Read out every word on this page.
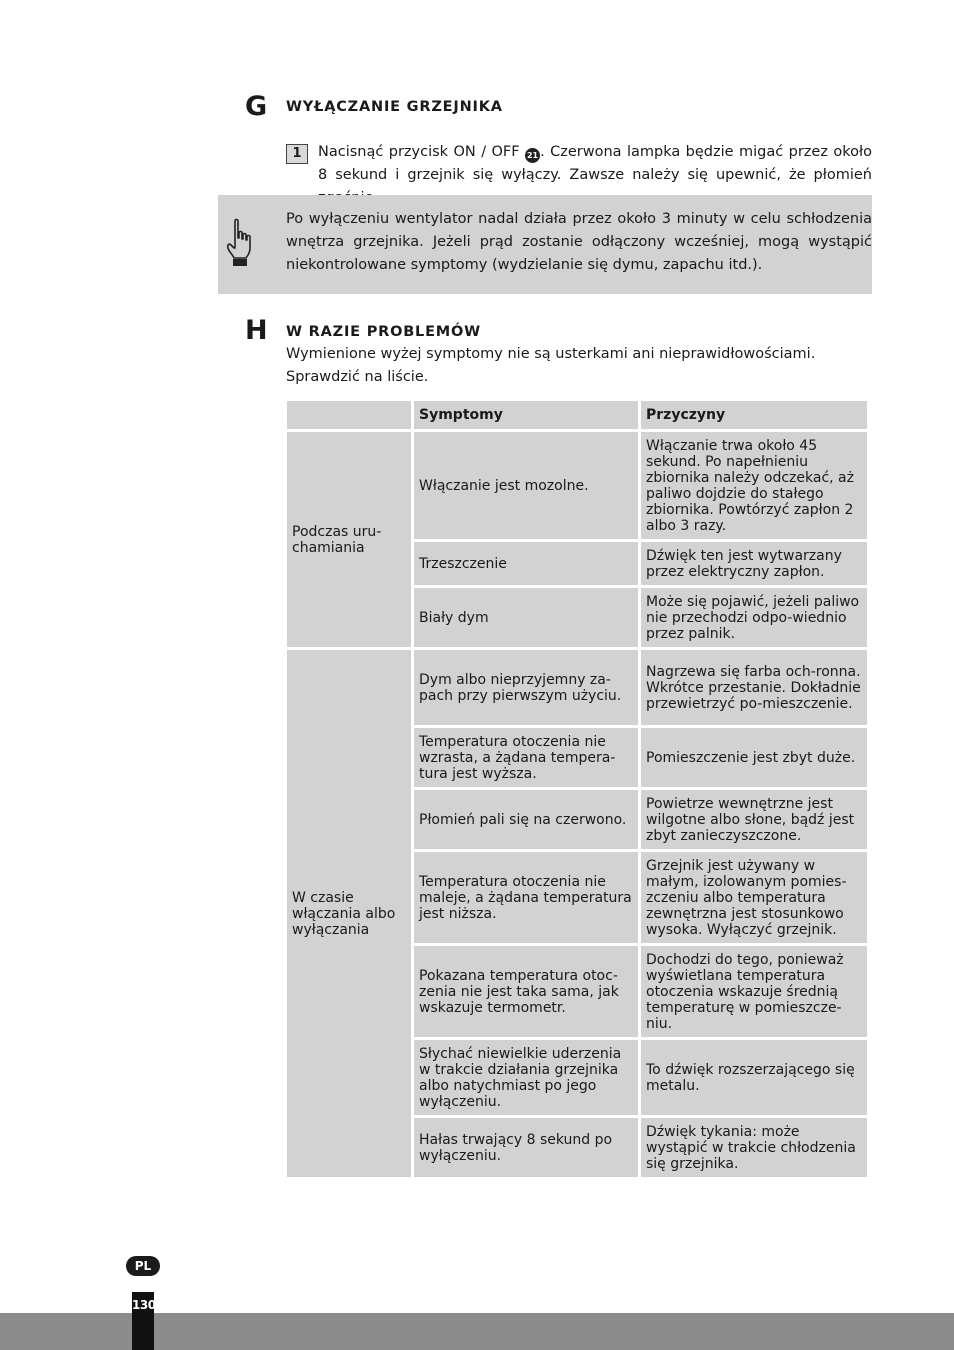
G WYŁĄCZANIE GRZEJNIKA
1	Nacisnąć przycisk ON / OFF 21 . Czerwona lampka będzie migać przez około 8 sekund i grzejnik się wyłączy. Zawsze należy się upewnić, że płomień
Po wyłączeniu wentylator nadal działa przez około 3 minuty w celu schłodzenia wnętrza grzejnika. Jeżeli prąd zostanie odłączony wcześniej, mogą wystąpić niekontrolowane symptomy (wydzielanie się dymu, zapachu itd.).
H W RAZIE PROBLEMÓW
Wymienione wyżej symptomy nie są usterkami ani nieprawidłowościami.
Sprawdzić na liście.
	Symptomy	Przyczyny
Podczas uru-chamiania	Włączanie jest mozolne.	Włączanie trwa około 45 sekund. Po napełnieniu zbiornika należy odczekać, aż paliwo dojdzie do stałego zbiornika. Powtórzyć zapłon 2 albo 3 razy.
	Trzeszczenie	Dźwięk ten jest wytwarzany przez elektryczny zapłon.
	Biały dym	Może się pojawić, jeżeli paliwo nie przechodzi odpo-wiednio przez palnik.
W czasie włączania albo wyłączania	Dym albo nieprzyjemny za-pach przy pierwszym użyciu.	Nagrzewa się farba och-ronna. Wkrótce przestanie. Dokładnie przewietrzyć po-mieszczenie.
	Temperatura otoczenia nie wzrasta, a żądana tempera-tura jest wyższa.	Pomieszczenie jest zbyt duże.
	Płomień pali się na czerwono.	Powietrze wewnętrzne jest wilgotne albo słone, bądź jest zbyt zanieczyszczone.
	Temperatura otoczenia nie maleje, a żądana temperatura jest niższa.	Grzejnik jest używany w małym, izolowanym pomies-zczeniu albo temperatura zewnętrzna jest stosunkowo wysoka. Wyłączyć grzejnik.
	Pokazana temperatura otoc-zenia nie jest taka sama, jak wskazuje termometr.	Dochodzi do tego, ponieważ wyświetlana temperatura otoczenia wskazuje średnią temperaturę w pomieszcze-niu.
	Słychać niewielkie uderzenia w trakcie działania grzejnika albo natychmiast po jego wyłączeniu.	To dźwięk rozszerzającego się metalu.
	Hałas trwający 8 sekund po wyłączeniu.	Dźwięk tykania: może wystąpić w trakcie chłodzenia się grzejnika.
PL
130
